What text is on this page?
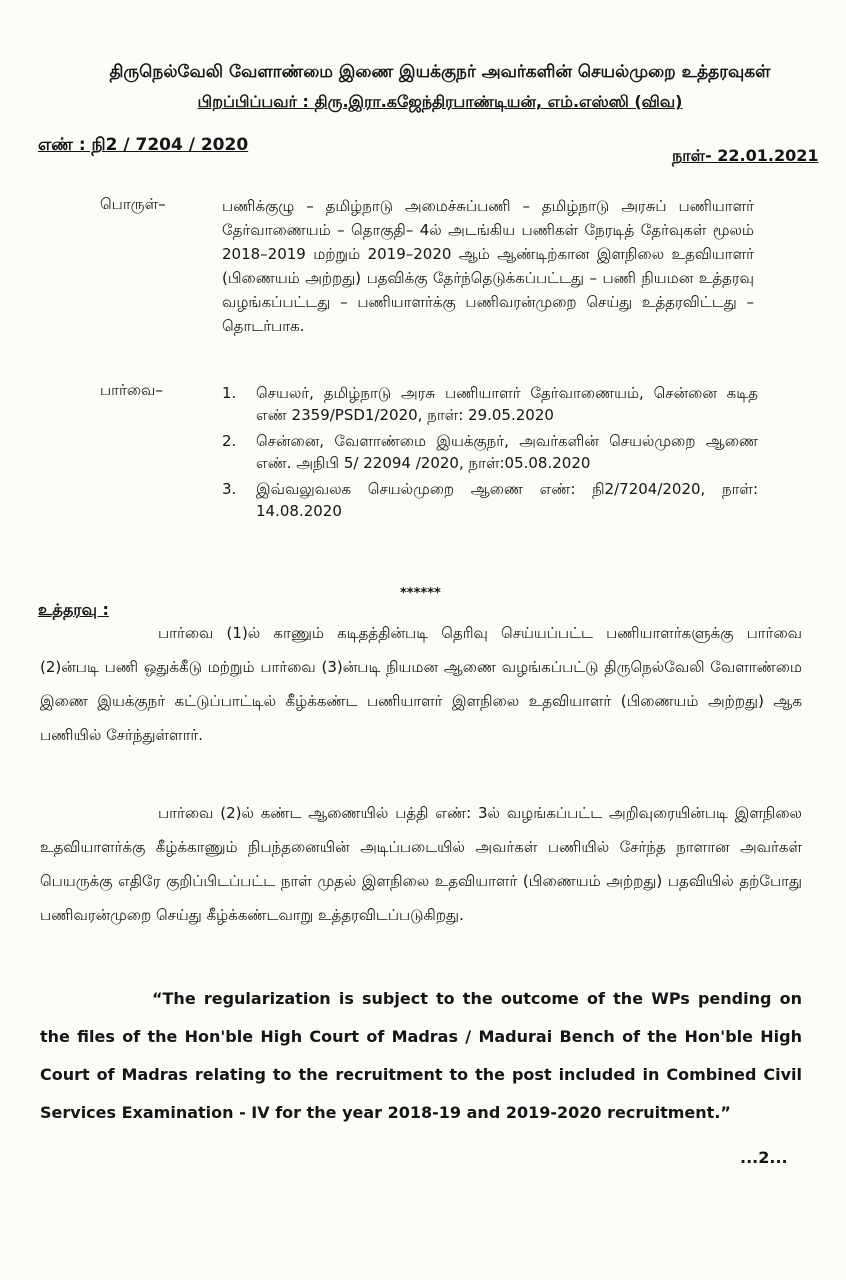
திருநெல்வேலி வேளாண்மை இணை இயக்குநர் அவர்களின் செயல்முறை உத்தரவுகள்
பிறப்பிப்பவர் : திரு.இரா.கஜேந்திரபாண்டியன், எம்.எஸ்ஸி (விவ)
எண் : நி2 / 7204 / 2020
நாள்- 22.01.2021
பொருள்–	பணிக்குழு – தமிழ்நாடு அமைச்சுப்பணி – தமிழ்நாடு அரசுப் பணியாளர் தேர்வாணையம் – தொகுதி– 4ல் அடங்கிய பணிகள் நேரடித் தேர்வுகள் மூலம் 2018–2019 மற்றும் 2019–2020 ஆம் ஆண்டிற்கான இளநிலை உதவியாளர் (பிணையம் அற்றது) பதவிக்கு தேர்ந்தெடுக்கப்பட்டது – பணி நியமன உத்தரவு வழங்கப்பட்டது – பணியாளர்க்கு பணிவரன்முறை செய்து உத்தரவிட்டது – தொடர்பாக.
பார்வை–	1.	செயலர், தமிழ்நாடு அரசு பணியாளர் தேர்வாணையம், சென்னை கடித எண் 2359/PSD1/2020, நாள்: 29.05.2020
2.	சென்னை, வேளாண்மை இயக்குநர், அவர்களின் செயல்முறை ஆணை எண். அநிபி 5/ 22094 /2020, நாள்:05.08.2020
3.	இவ்வலுவலக செயல்முறை ஆணை எண்: நி2/7204/2020, நாள்: 14.08.2020
******
உத்தரவு :
பார்வை (1)ல் காணும் கடிதத்தின்படி தெரிவு செய்யப்பட்ட பணியாளர்களுக்கு பார்வை (2)ன்படி பணி ஒதுக்கீடு மற்றும் பார்வை (3)ன்படி நியமன ஆணை வழங்கப்பட்டு திருநெல்வேலி வேளாண்மை இணை இயக்குநர் கட்டுப்பாட்டில் கீழ்க்கண்ட பணியாளர் இளநிலை உதவியாளர் (பிணையம் அற்றது) ஆக பணியில் சேர்ந்துள்ளார்.
பார்வை (2)ல் கண்ட ஆணையில் பத்தி எண்: 3ல் வழங்கப்பட்ட அறிவுரையின்படி இளநிலை உதவியாளர்க்கு கீழ்க்காணும் நிபந்தனையின் அடிப்படையில் அவர்கள் பணியில் சேர்ந்த நாளான அவர்கள் பெயருக்கு எதிரே குறிப்பிடப்பட்ட நாள் முதல் இளநிலை உதவியாளர் (பிணையம் அற்றது) பதவியில் தற்போது பணிவரன்முறை செய்து கீழ்க்கண்டவாறு உத்தரவிடப்படுகிறது.
“The regularization is subject to the outcome of the WPs pending on the files of the Hon'ble High Court of Madras / Madurai Bench of the Hon'ble High Court of Madras relating to the recruitment to the post included in Combined Civil Services Examination - IV for the year 2018-19 and 2019-2020 recruitment.”
...2...
